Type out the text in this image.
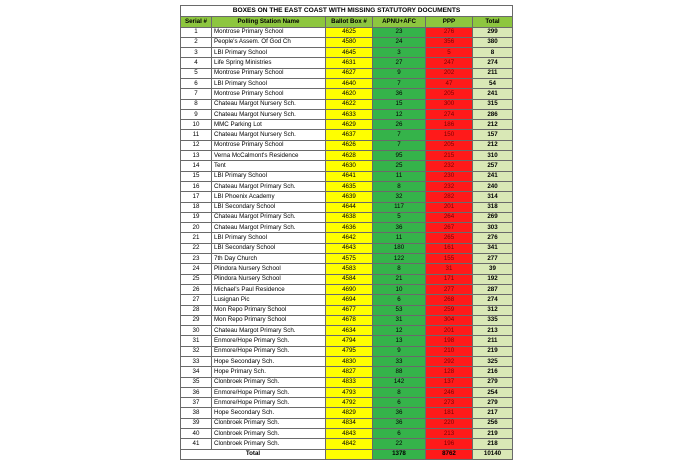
BOXES ON THE EAST COAST WITH MISSING STATUTORY DOCUMENTS					
Serial #	Polling Station Name	Ballot Box #	APNU+AFC	PPP	Total
1	Montrose Primary School	4625	23	276	299
2	People's Assem. Of God Ch	4580	24	356	380
3	LBI Primary School	4645	3	5	8
4	Life Spring Ministries	4631	27	247	274
5	Montrose Primary School	4627	9	202	211
6	LBI Primary School	4640	7	47	54
7	Montrose Primary School	4620	36	205	241
8	Chateau Margot Nursery Sch.	4622	15	300	315
9	Chateau Margot Nursery Sch.	4633	12	274	286
10	MMC Parking Lot	4629	26	186	212
11	Chateau Margot Nursery Sch.	4637	7	150	157
12	Montrose Primary School	4626	7	205	212
13	Verna McCalmont's Residence	4628	95	215	310
14	Tent	4630	25	232	257
15	LBI Primary School	4641	11	230	241
16	Chateau Margot Primary Sch.	4635	8	232	240
17	LBI Phoenix Academy	4639	32	282	314
18	LBI Secondary School	4644	117	201	318
19	Chateau Margot Primary Sch.	4638	5	264	269
20	Chateau Margot Primary Sch.	4636	36	267	303
21	LBI Primary School	4642	11	265	276
22	LBI Secondary School	4643	180	161	341
23	7th Day Church	4575	122	155	277
24	Plindora Nursery School	4583	8	31	39
25	Plindora Nursery School	4584	21	171	192
26	Michael's Paul Residence	4690	10	277	287
27	Lusignan Pic	4694	6	268	274
28	Mon Repo Primary School	4677	53	259	312
29	Mon Repo Primary School	4678	31	304	335
30	Chateau Margot Primary Sch.	4634	12	201	213
31	Enmore/Hope Primary Sch.	4794	13	198	211
32	Enmore/Hope Primary Sch.	4795	9	210	219
33	Hope Secondary Sch.	4830	33	292	325
34	Hope Primary Sch.	4827	88	128	216
35	Clonbroek Primary Sch.	4833	142	137	279
36	Enmore/Hope Primary Sch.	4793	8	246	254
37	Enmore/Hope Primary Sch.	4792	6	273	279
38	Hope Secondary Sch.	4829	36	181	217
39	Clonbroek Primary Sch.	4834	36	220	256
40	Clonbroek Primary Sch.	4843	6	213	219
41	Clonbroek Primary Sch.	4842	22	196	218
Total			1378	8762	10140
